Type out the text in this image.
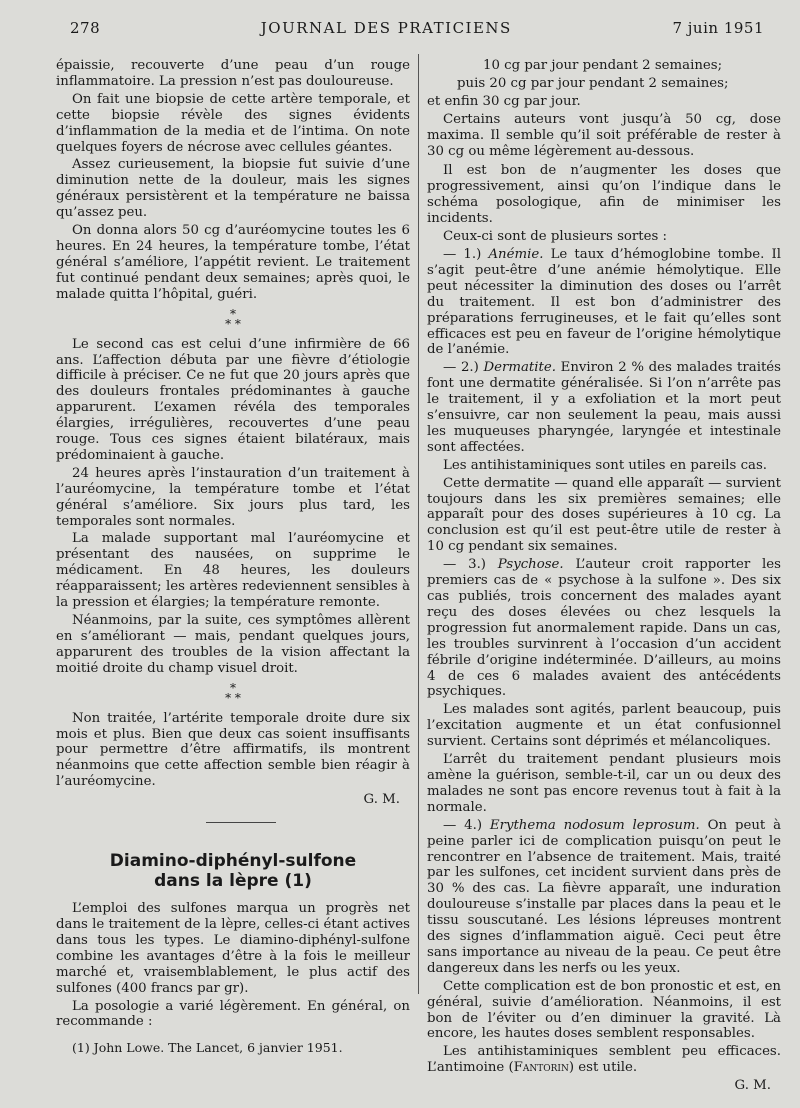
278	JOURNAL DES PRATICIENS	7 juin 1951

épaissie, recouverte d’une peau d’un rouge inflammatoire. La pression n’est pas douloureuse.

On fait une biopsie de cette artère temporale, et cette biopsie révèle des signes évidents d’inflammation de la media et de l’intima. On note quelques foyers de nécrose avec cellules géantes.

Assez curieusement, la biopsie fut suivie d’une diminution nette de la douleur, mais les signes généraux persistèrent et la température ne baissa qu’assez peu.

On donna alors 50 cg d’auréomycine toutes les 6 heures. En 24 heures, la température tombe, l’état général s’améliore, l’appétit revient. Le traitement fut continué pendant deux semaines; après quoi, le malade quitta l’hôpital, guéri.

*
* *

Le second cas est celui d’une infirmière de 66 ans. L’affection débuta par une fièvre d’étiologie difficile à préciser. Ce ne fut que 20 jours après que des douleurs frontales prédominantes à gauche apparurent. L’examen révéla des temporales élargies, irrégulières, recouvertes d’une peau rouge. Tous ces signes étaient bilatéraux, mais prédominaient à gauche.

24 heures après l’instauration d’un traitement à l’auréomycine, la température tombe et l’état général s’améliore. Six jours plus tard, les temporales sont normales.

La malade supportant mal l’auréomycine et présentant des nausées, on supprime le médicament. En 48 heures, les douleurs réapparaissent; les artères redeviennent sensibles à la pression et élargies; la température remonte.

Néanmoins, par la suite, ces symptômes allèrent en s’améliorant — mais, pendant quelques jours, apparurent des troubles de la vision affectant la moitié droite du champ visuel droit.

*
* *

Non traitée, l’artérite temporale droite dure six mois et plus. Bien que deux cas soient insuffisants pour permettre d’être affirmatifs, ils montrent néanmoins que cette affection semble bien réagir à l’auréomycine.

G. M.
Diamino-diphényl-sulfone
dans la lèpre (1)

L’emploi des sulfones marqua un progrès net dans le traitement de la lèpre, celles-ci étant actives dans tous les types. Le diamino-diphényl-sulfone combine les avantages d’être à la fois le meilleur marché et, vraisemblablement, le plus actif des sulfones (400 francs par gr).

La posologie a varié légèrement. En général, on recommande :

(1) John Lowe. The Lancet, 6 janvier 1951.

10 cg par jour pendant 2 semaines;

puis 20 cg par jour pendant 2 semaines;

et enfin 30 cg par jour.

Certains auteurs vont jusqu’à 50 cg, dose maxima. Il semble qu’il soit préférable de rester à 30 cg ou même légèrement au-dessous.

Il est bon de n’augmenter les doses que progressivement, ainsi qu’on l’indique dans le schéma posologique, afin de minimiser les incidents.

Ceux-ci sont de plusieurs sortes :

— 1.) Anémie. Le taux d’hémoglobine tombe. Il s’agit peut-être d’une anémie hémolytique. Elle peut nécessiter la diminution des doses ou l’arrêt du traitement. Il est bon d’administrer des préparations ferrugineuses, et le fait qu’elles sont efficaces est peu en faveur de l’origine hémolytique de l’anémie.

— 2.) Dermatite. Environ 2 % des malades traités font une dermatite généralisée. Si l’on n’arrête pas le traitement, il y a exfoliation et la mort peut s’ensuivre, car non seulement la peau, mais aussi les muqueuses pharyngée, laryngée et intestinale sont affectées.

Les antihistaminiques sont utiles en pareils cas.

Cette dermatite — quand elle apparaît — survient toujours dans les six premières semaines; elle apparaît pour des doses supérieures à 10 cg. La conclusion est qu’il est peut-être utile de rester à 10 cg pendant six semaines.

— 3.) Psychose. L’auteur croit rapporter les premiers cas de « psychose à la sulfone ». Des six cas publiés, trois concernent des malades ayant reçu des doses élevées ou chez lesquels la progression fut anormalement rapide. Dans un cas, les troubles survinrent à l’occasion d’un accident fébrile d’origine indéterminée. D’ailleurs, au moins 4 de ces 6 malades avaient des antécédents psychiques.

Les malades sont agités, parlent beaucoup, puis l’excitation augmente et un état confusionnel survient. Certains sont déprimés et mélancoliques.

L’arrêt du traitement pendant plusieurs mois amène la guérison, semble-t-il, car un ou deux des malades ne sont pas encore revenus tout à fait à la normale.

— 4.) Erythema nodosum leprosum. On peut à peine parler ici de complication puisqu’on peut le rencontrer en l’absence de traitement. Mais, traité par les sulfones, cet incident survient dans près de 30 % des cas. La fièvre apparaît, une induration douloureuse s’installe par places dans la peau et le tissu souscutané. Les lésions lépreuses montrent des signes d’inflammation aiguë. Ceci peut être sans importance au niveau de la peau. Ce peut être dangereux dans les nerfs ou les yeux.

Cette complication est de bon pronostic et est, en général, suivie d’amélioration. Néanmoins, il est bon de l’éviter ou d’en diminuer la gravité. Là encore, les hautes doses semblent responsables.

Les antihistaminiques semblent peu efficaces. L’antimoine (Fantorin) est utile.

G. M.
